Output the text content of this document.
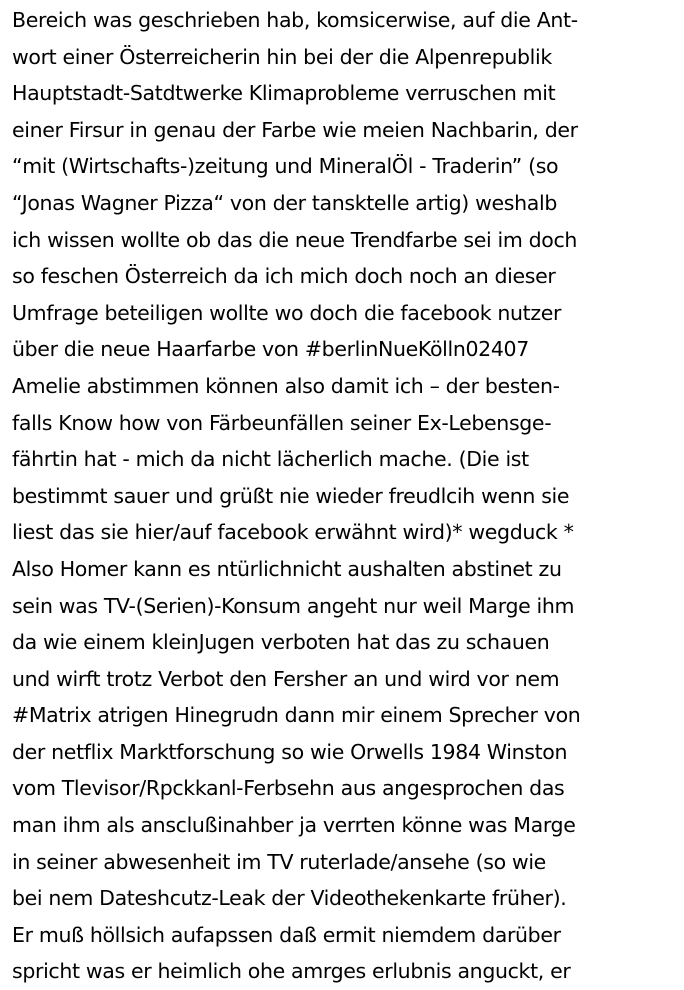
Bereich was geschrieben hab, komsicerwise, auf die Ant-
wort einer Österreicherin hin bei der die Alpenrepublik
Hauptstadt-Satdtwerke Klimaprobleme verruschen mit
einer Firsur in genau der Farbe wie meien Nachbarin, der
“mit (Wirtschafts-)zeitung und MineralÖl - Traderin” (so
“Jonas Wagner Pizza“ von der tansktelle artig) weshalb
ich wissen wollte ob das die neue Trendfarbe sei im doch
so feschen Österreich da ich mich doch noch an dieser
Umfrage beteiligen wollte wo doch die facebook nutzer
über die neue Haarfarbe von #berlinNueKölln02407
Amelie abstimmen können also damit ich – der besten-
falls Know how von Färbeunfällen seiner Ex-Lebensge-
fährtin hat - mich da nicht lächerlich mache. (Die ist
bestimmt sauer und grüßt nie wieder freudlcih wenn sie
liest das sie hier/auf facebook erwähnt wird)* wegduck *
Also Homer kann es ntürlichnicht aushalten abstinet zu
sein was TV-(Serien)-Konsum angeht nur weil Marge ihm
da wie einem kleinJugen verboten hat das zu schauen
und wirft trotz Verbot den Fersher an und wird vor nem
#Matrix atrigen Hinegrudn dann mir einem Sprecher von
der netflix Marktforschung so wie Orwells 1984 Winston
vom Tlevisor/Rpckkanl-Ferbsehn aus angesprochen das
man ihm als ansclußinahber ja verrten könne was Marge
in seiner abwesenheit im TV ruterlade/ansehe (so wie
bei nem Dateshcutz-Leak der Videothekenkarte früher).
Er muß höllsich aufapssen daß ermit niemdem darüber
spricht was er heimlich ohe amrges erlubnis anguckt, er
